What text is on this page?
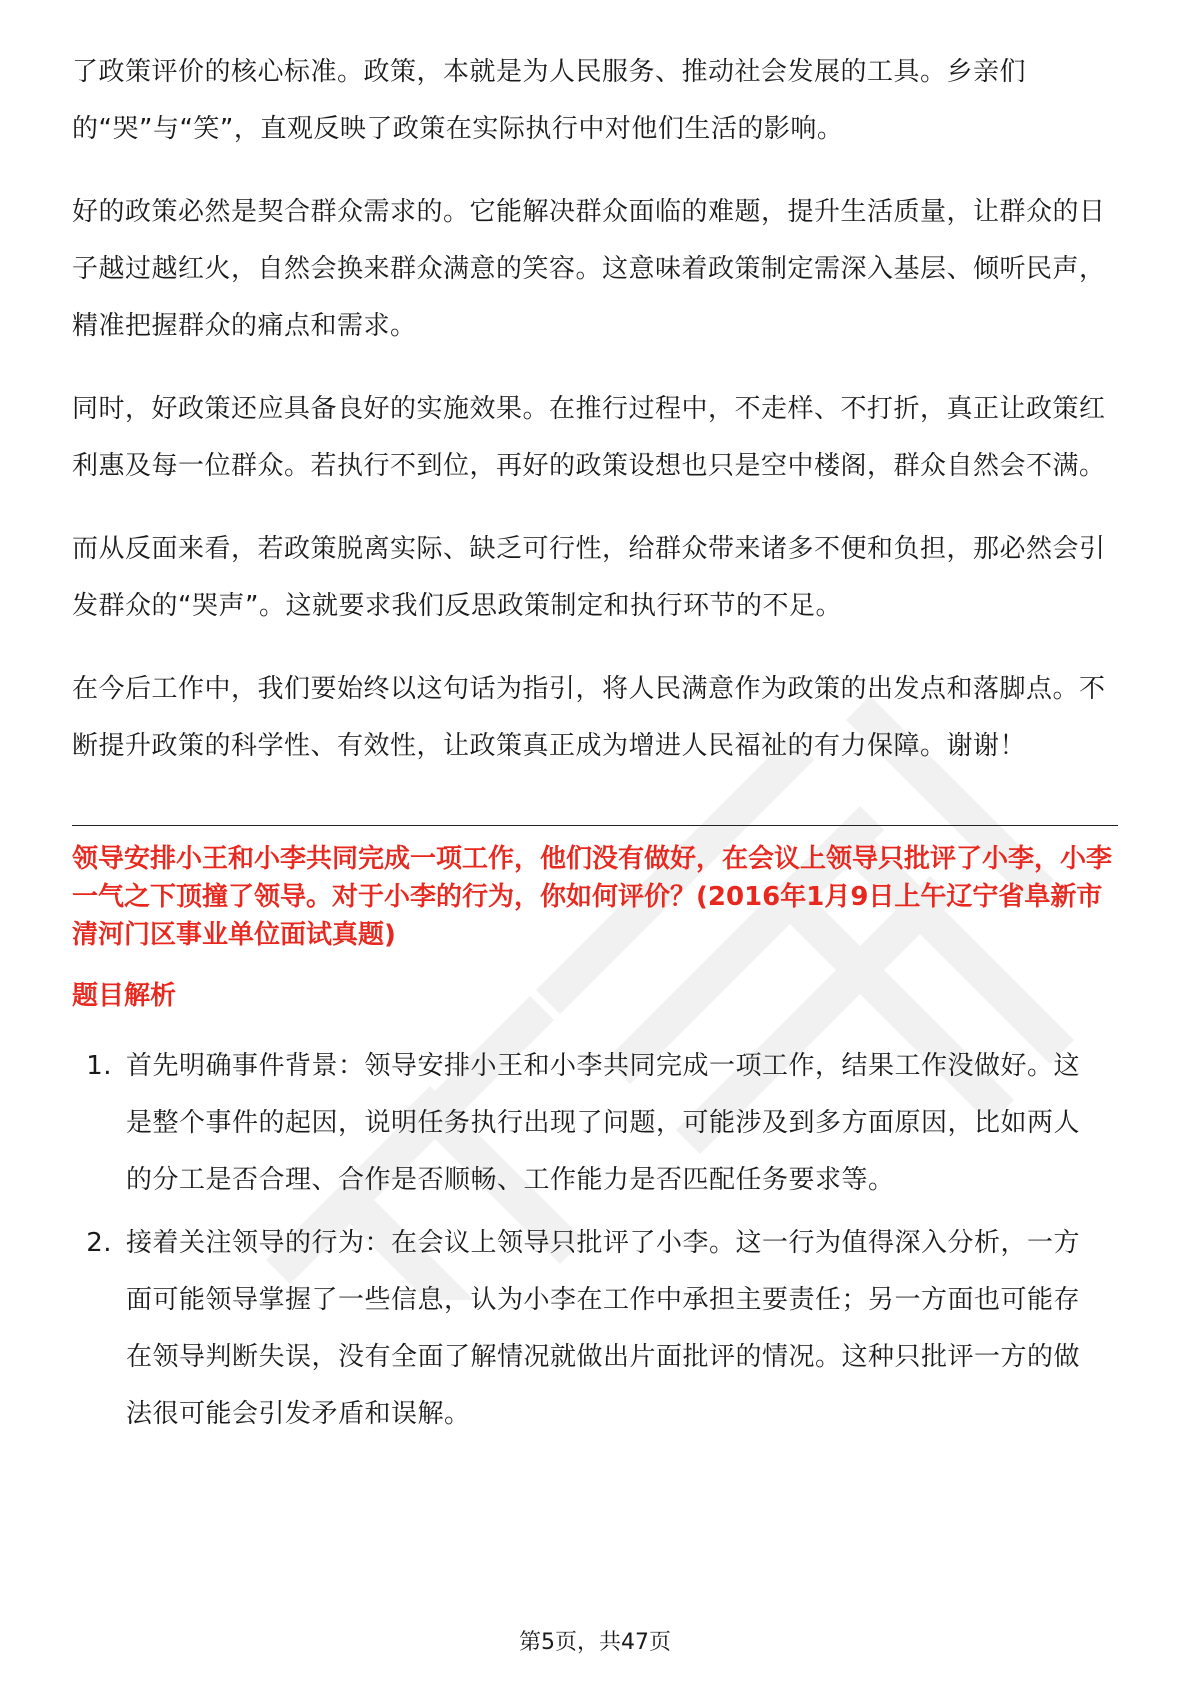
了政策评价的核心标准。政策，本就是为人民服务、推动社会发展的工具。乡亲们的“哭”与“笑”，直观反映了政策在实际执行中对他们生活的影响。

好的政策必然是契合群众需求的。它能解决群众面临的难题，提升生活质量，让群众的日子越过越红火，自然会换来群众满意的笑容。这意味着政策制定需深入基层、倾听民声，精准把握群众的痛点和需求。

同时，好政策还应具备良好的实施效果。在推行过程中，不走样、不打折，真正让政策红利惠及每一位群众。若执行不到位，再好的政策设想也只是空中楼阁，群众自然会不满。

而从反面来看，若政策脱离实际、缺乏可行性，给群众带来诸多不便和负担，那必然会引发群众的“哭声”。这就要求我们反思政策制定和执行环节的不足。

在今后工作中，我们要始终以这句话为指引，将人民满意作为政策的出发点和落脚点。不断提升政策的科学性、有效性，让政策真正成为增进人民福祉的有力保障。谢谢！

领导安排小王和小李共同完成一项工作，他们没有做好，在会议上领导只批评了小李，小李一气之下顶撞了领导。对于小李的行为，你如何评价？(2016年1月9日上午辽宁省阜新市清河门区事业单位面试真题)

题目解析

1. 首先明确事件背景：领导安排小王和小李共同完成一项工作，结果工作没做好。这是整个事件的起因，说明任务执行出现了问题，可能涉及到多方面原因，比如两人的分工是否合理、合作是否顺畅、工作能力是否匹配任务要求等。
2. 接着关注领导的行为：在会议上领导只批评了小李。这一行为值得深入分析，一方面可能领导掌握了一些信息，认为小李在工作中承担主要责任；另一方面也可能存在领导判断失误，没有全面了解情况就做出片面批评的情况。这种只批评一方的做法很可能会引发矛盾和误解。
第5页，共47页
